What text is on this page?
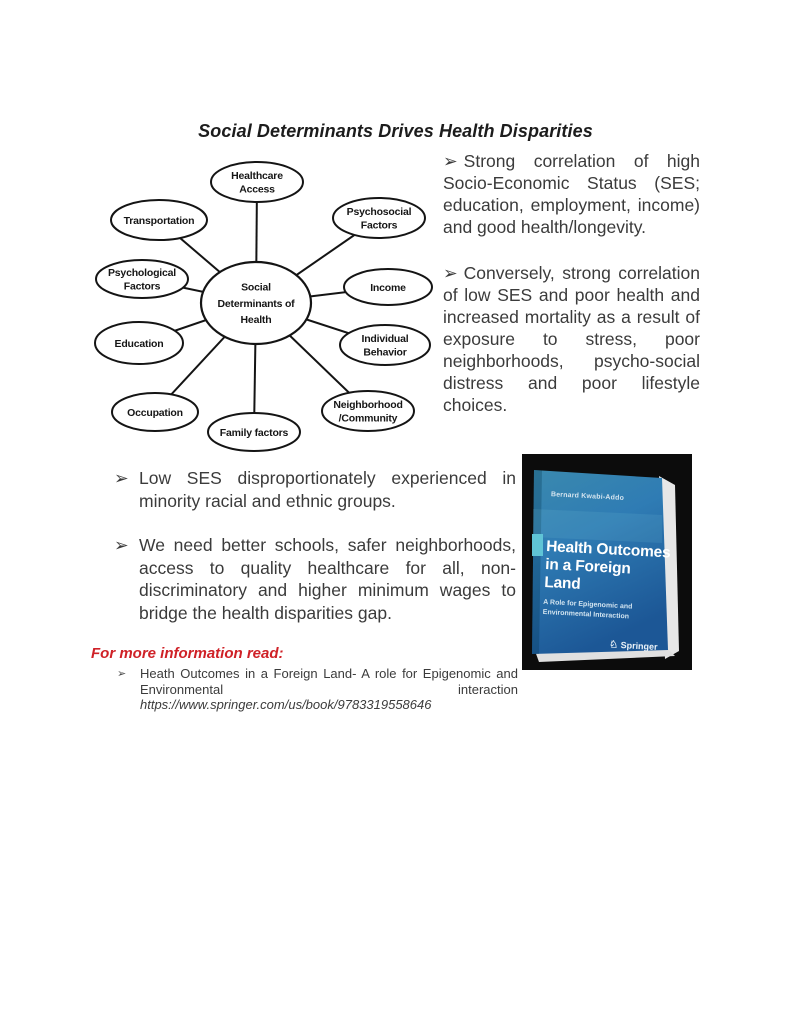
Social Determinants Drives Health Disparities
Healthcare Access
Transportation
Psychosocial Factors
Psychological Factors	Income
Education	Individual Behavior
Occupation
Family factors
Neighborhood /Community
Social Determinants of Health

➢ Strong correlation of high Socio-Economic Status (SES; education, employment, income) and good health/longevity.

➢ Conversely, strong correlation of low SES and poor health and increased mortality as a result of exposure to stress, poor neighborhoods, psycho-social distress and poor lifestyle choices.

➢ Low SES disproportionately experienced in minority racial and ethnic groups.
➢ We need better schools, safer neighborhoods, access to quality healthcare for all, non-discriminatory and higher minimum wages to bridge the health disparities gap.
For more information read:
➢	Heath Outcomes in a Foreign Land- A role for Epigenomic and Environmental interaction https://www.springer.com/us/book/9783319558646
Bernard Kwabi-Addo
Health Outcomes
in a Foreign
Land
A Role for Epigenomic and
Environmental Interaction
♘ Springer
